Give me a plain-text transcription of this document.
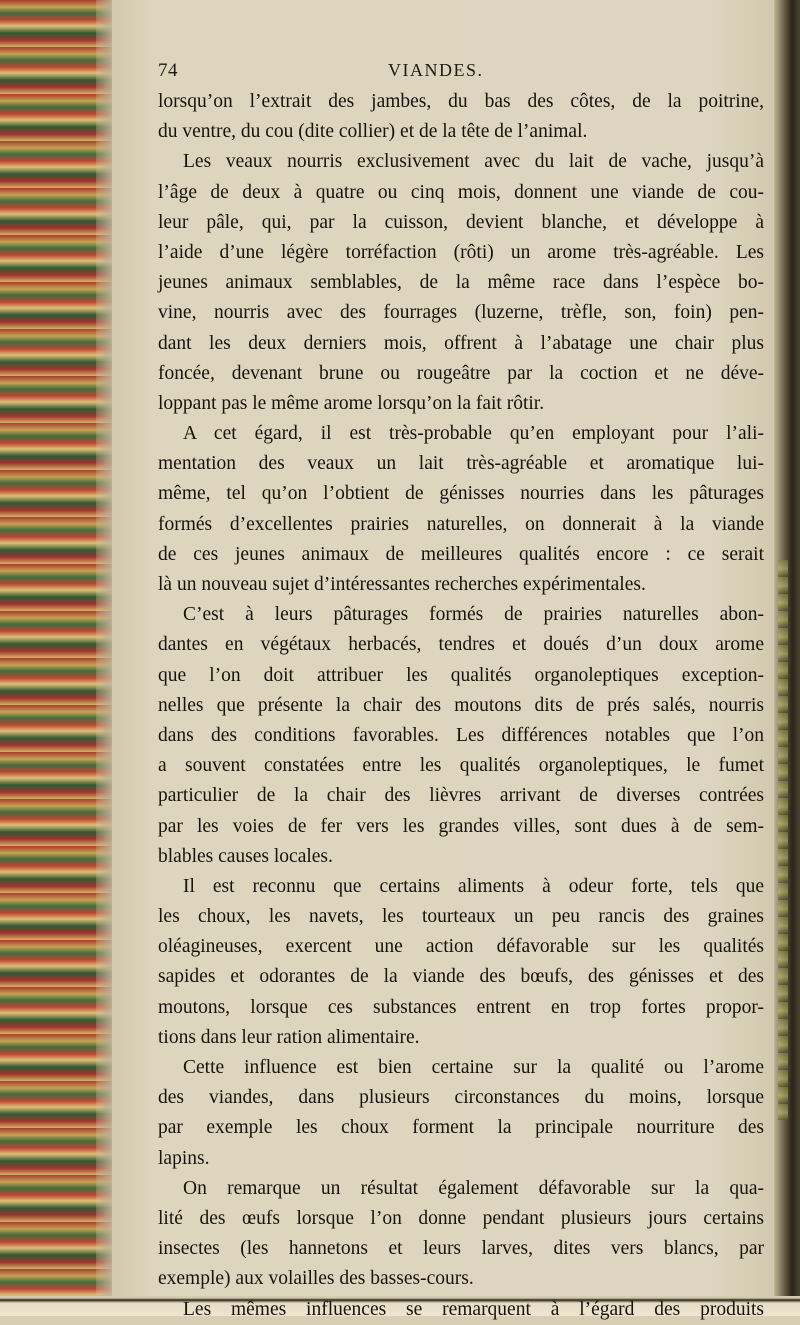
74	VIANDES.
lorsqu’on l’extrait des jambes, du bas des côtes, de la poitrine,
du ventre, du cou (dite collier) et de la tête de l’animal.
Les veaux nourris exclusivement avec du lait de vache, jusqu’à
l’âge de deux à quatre ou cinq mois, donnent une viande de cou-
leur pâle, qui, par la cuisson, devient blanche, et développe à
l’aide d’une légère torréfaction (rôti) un arome très-agréable. Les
jeunes animaux semblables, de la même race dans l’espèce bo-
vine, nourris avec des fourrages (luzerne, trèfle, son, foin) pen-
dant les deux derniers mois, offrent à l’abatage une chair plus
foncée, devenant brune ou rougeâtre par la coction et ne déve-
loppant pas le même arome lorsqu’on la fait rôtir.
A cet égard, il est très-probable qu’en employant pour l’ali-
mentation des veaux un lait très-agréable et aromatique lui-
même, tel qu’on l’obtient de génisses nourries dans les pâturages
formés d’excellentes prairies naturelles, on donnerait à la viande
de ces jeunes animaux de meilleures qualités encore : ce serait
là un nouveau sujet d’intéressantes recherches expérimentales.
C’est à leurs pâturages formés de prairies naturelles abon-
dantes en végétaux herbacés, tendres et doués d’un doux arome
que l’on doit attribuer les qualités organoleptiques exception-
nelles que présente la chair des moutons dits de prés salés, nourris
dans des conditions favorables. Les différences notables que l’on
a souvent constatées entre les qualités organoleptiques, le fumet
particulier de la chair des lièvres arrivant de diverses contrées
par les voies de fer vers les grandes villes, sont dues à de sem-
blables causes locales.
Il est reconnu que certains aliments à odeur forte, tels que
les choux, les navets, les tourteaux un peu rancis des graines
oléagineuses, exercent une action défavorable sur les qualités
sapides et odorantes de la viande des bœufs, des génisses et des
moutons, lorsque ces substances entrent en trop fortes propor-
tions dans leur ration alimentaire.
Cette influence est bien certaine sur la qualité ou l’arome
des viandes, dans plusieurs circonstances du moins, lorsque
par exemple les choux forment la principale nourriture des
lapins.
On remarque un résultat également défavorable sur la qua-
lité des œufs lorsque l’on donne pendant plusieurs jours certains
insectes (les hannetons et leurs larves, dites vers blancs, par
exemple) aux volailles des basses-cours.
Les mêmes influences se remarquent à l’égard des produits
